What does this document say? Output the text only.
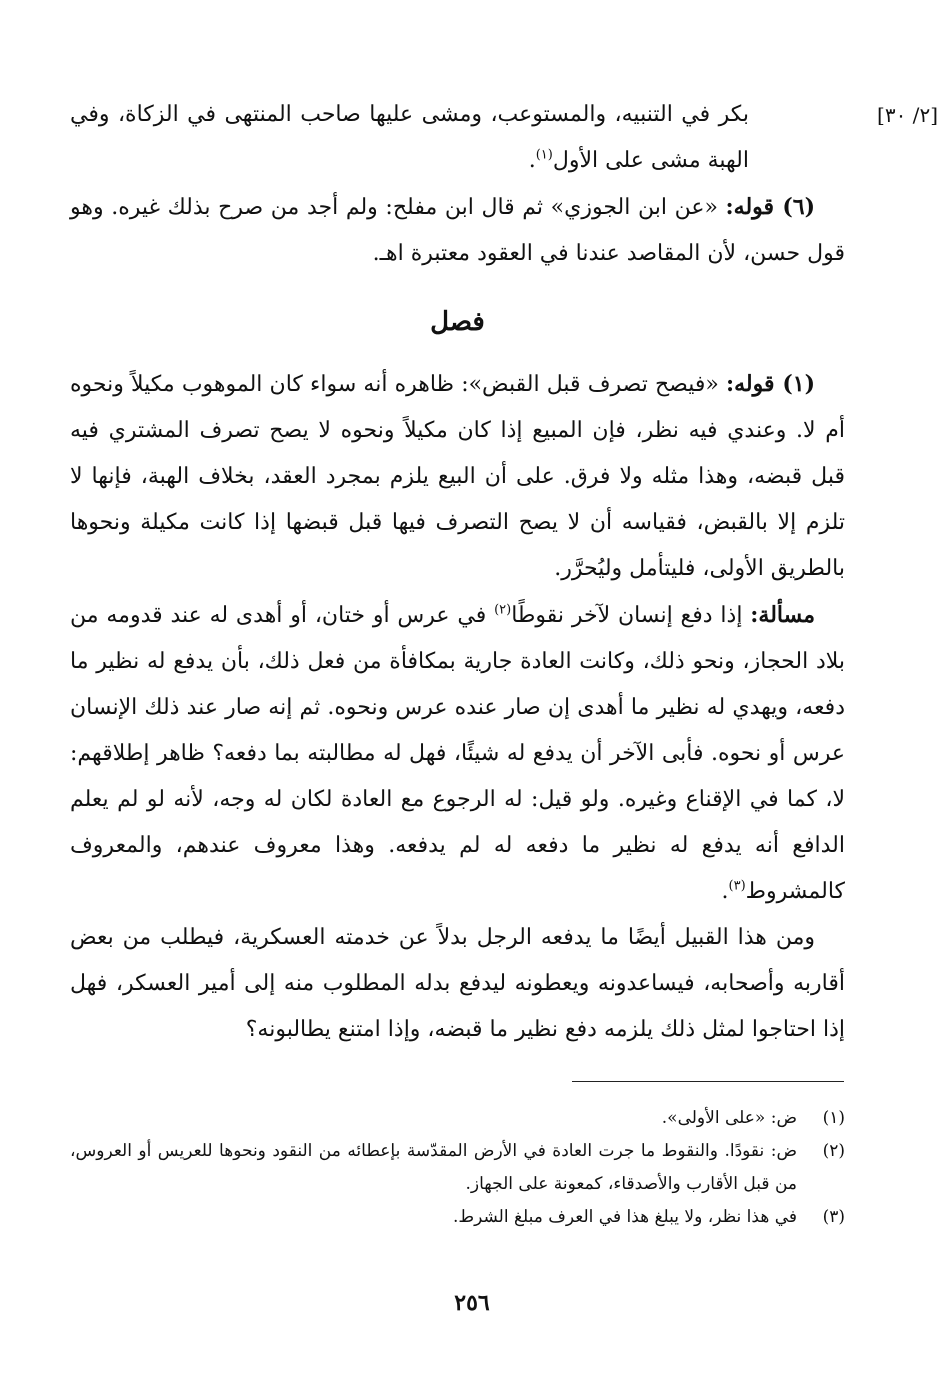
[٢/ ٣٠]

بكر في التنبيه، والمستوعب، ومشى عليها صاحب المنتهى في الزكاة، وفي الهبة مشى على الأول$^{(١)}$.

(٦) قوله: «عن ابن الجوزي» ثم قال ابن مفلح: ولم أجد من صرح بذلك غيره. وهو قول حسن، لأن المقاصد عندنا في العقود معتبرة اهـ.

فصل

(١) قوله: «فيصح تصرف قبل القبض»: ظاهره أنه سواء كان الموهوب مكيلاً ونحوه أم لا. وعندي فيه نظر، فإن المبيع إذا كان مكيلاً ونحوه لا يصح تصرف المشتري فيه قبل قبضه، وهذا مثله ولا فرق. على أن البيع يلزم بمجرد العقد، بخلاف الهبة، فإنها لا تلزم إلا بالقبض، فقياسه أن لا يصح التصرف فيها قبل قبضها إذا كانت مكيلة ونحوها بالطريق الأولى، فليتأمل وليُحرَّر.

مسألة: إذا دفع إنسان لآخر نقوطًا$^{(٢)}$ في عرس أو ختان، أو أهدى له عند قدومه من بلاد الحجاز، ونحو ذلك، وكانت العادة جارية بمكافأة من فعل ذلك، بأن يدفع له نظير ما دفعه، ويهدي له نظير ما أهدى إن صار عنده عرس ونحوه. ثم إنه صار عند ذلك الإنسان عرس أو نحوه. فأبى الآخر أن يدفع له شيئًا، فهل له مطالبته بما دفعه؟ ظاهر إطلاقهم: لا، كما في الإقناع وغيره. ولو قيل: له الرجوع مع العادة لكان له وجه، لأنه لو لم يعلم الدافع أنه يدفع له نظير ما دفعه له لم يدفعه. وهذا معروف عندهم، والمعروف كالمشروط$^{(٣)}$.

ومن هذا القبيل أيضًا ما يدفعه الرجل بدلاً عن خدمته العسكرية، فيطلب من بعض أقاربه وأصحابه، فيساعدونه ويعطونه ليدفع بدله المطلوب منه إلى أمير العسكر، فهل إذا احتاجوا لمثل ذلك يلزمه دفع نظير ما قبضه، وإذا امتنع يطالبونه؟

(١)
ض: «على الأولى».
(٢)
ض: نقودًا. والنقوط ما جرت العادة في الأرض المقدّسة بإعطائه من النقود ونحوها للعريس أو العروس، من قبل الأقارب والأصدقاء، كمعونة على الجهاز.
(٣)
في هذا نظر، ولا يبلغ هذا في العرف مبلغ الشرط.
٢٥٦
